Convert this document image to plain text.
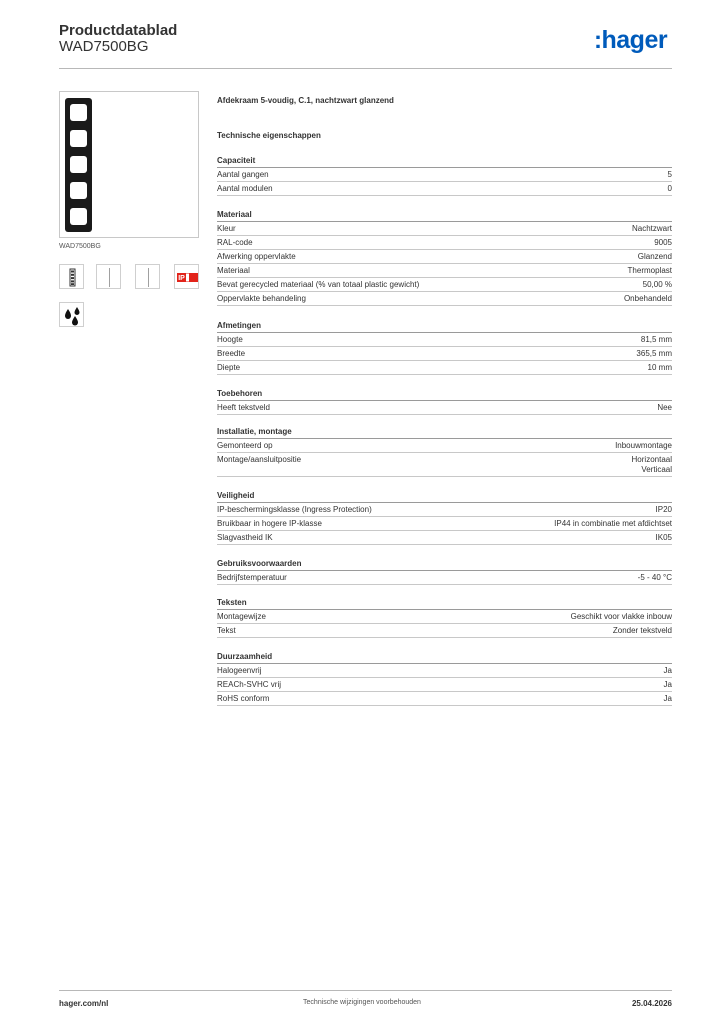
Productdatablad
WAD7500BG	:hager
WAD7500BG
IP
Afdekraam 5-voudig, C.1, nachtzwart glanzend
Technische eigenschappen
Capaciteit
Aantal gangen	5
Aantal modulen	0
Materiaal
Kleur	Nachtzwart
RAL-code	9005
Afwerking oppervlakte	Glanzend
Materiaal	Thermoplast
Bevat gerecycled materiaal (% van totaal plastic gewicht)	50,00 %
Oppervlakte behandeling	Onbehandeld
Afmetingen
Hoogte	81,5 mm
Breedte	365,5 mm
Diepte	10 mm
Toebehoren
Heeft tekstveld	Nee
Installatie, montage
Gemonteerd op	Inbouwmontage
Montage/aansluitpositie	Horizontaal
Verticaal
Veiligheid
IP-beschermingsklasse (Ingress Protection)	IP20
Bruikbaar in hogere IP-klasse	IP44 in combinatie met afdichtset
Slagvastheid IK	IK05
Gebruiksvoorwaarden
Bedrijfstemperatuur	-5 - 40 °C
Teksten
Montagewijze	Geschikt voor vlakke inbouw
Tekst	Zonder tekstveld
Duurzaamheid
Halogeenvrij	Ja
REACh-SVHC vrij	Ja
RoHS conform	Ja
hager.com/nl	Technische wijzigingen voorbehouden	25.04.2026
